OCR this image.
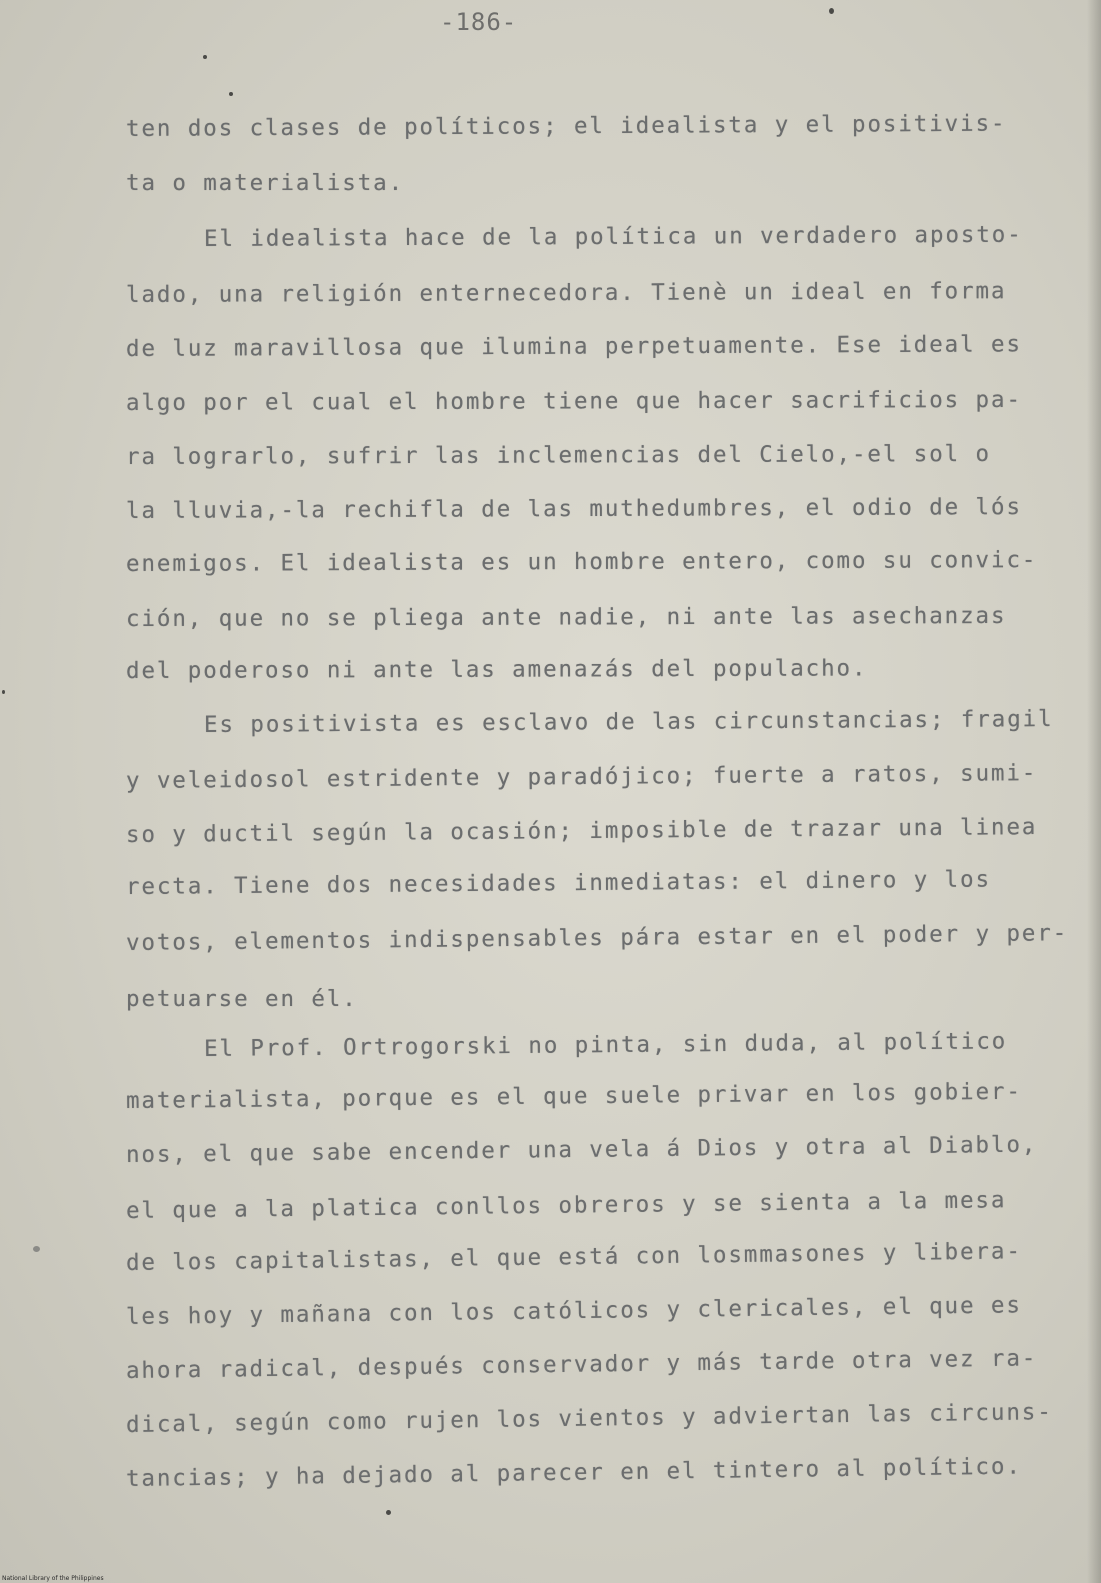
-186-
ten dos clases de políticos; el idealista y el positivis-
ta o materialista.
El idealista hace de la política un verdadero aposto-
lado, una religión enternecedora. Tienè un ideal en forma
de luz maravillosa que ilumina perpetuamente. Ese ideal es
algo por el cual el hombre tiene que hacer sacrificios pa-
ra lograrlo, sufrir las inclemencias del Cielo,-el sol o
la lluvia,-la rechifla de las muthedumbres, el odio de lós
enemigos. El idealista es un hombre entero, como su convic-
ción, que no se pliega ante nadie, ni ante las asechanzas
del poderoso ni ante las amenazás del populacho.
Es positivista es esclavo de las circunstancias; fragil
y veleidosol estridente y paradójico; fuerte a ratos, sumi-
so y ductil según la ocasión; imposible de trazar una linea
recta. Tiene dos necesidades inmediatas: el dinero y los
votos, elementos indispensables pára estar en el poder y per-
petuarse en él.
El Prof. Ortrogorski no pinta, sin duda, al político
materialista, porque es el que suele privar en los gobier-
nos, el que sabe encender una vela á Dios y otra al Diablo,
el que a la platica conllos obreros y se sienta a la mesa
de los capitalistas, el que está con losmmasones y libera-
les hoy y mañana con los católicos y clericales, el que es
ahora radical, después conservador y más tarde otra vez ra-
dical, según como rujen los vientos y adviertan las circuns-
tancias; y ha dejado al parecer en el tintero al político.
National Library of the Philippines
